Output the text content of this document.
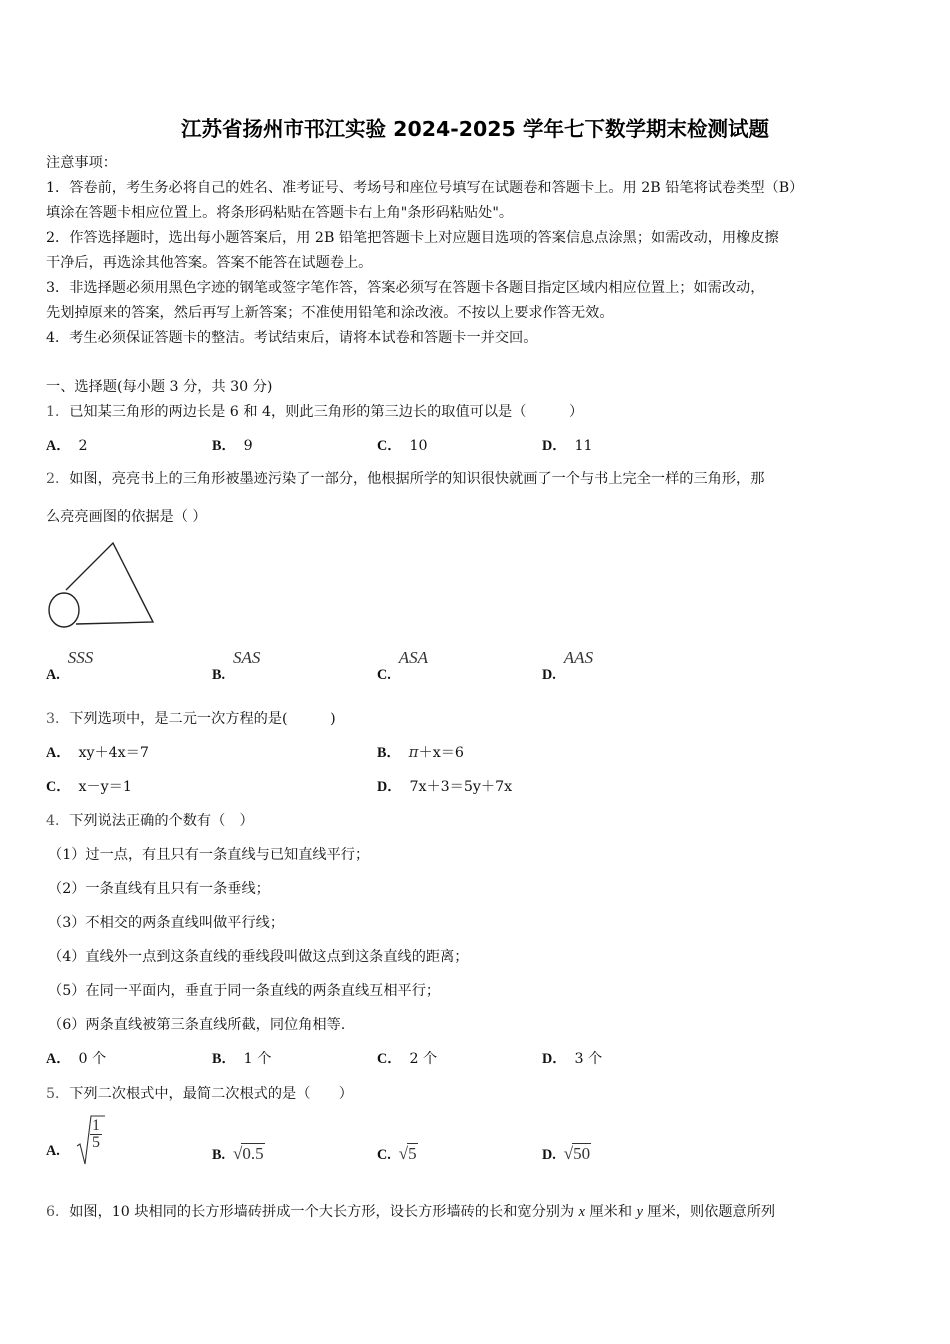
江苏省扬州市邗江实验 2024-2025 学年七下数学期末检测试题
注意事项：
1．答卷前，考生务必将自己的姓名、准考证号、考场号和座位号填写在试题卷和答题卡上。用 2B 铅笔将试卷类型（B）
填涂在答题卡相应位置上。将条形码粘贴在答题卡右上角"条形码粘贴处"。
2．作答选择题时，选出每小题答案后，用 2B 铅笔把答题卡上对应题目选项的答案信息点涂黑；如需改动，用橡皮擦
干净后，再选涂其他答案。答案不能答在试题卷上。
3．非选择题必须用黑色字迹的钢笔或签字笔作答，答案必须写在答题卡各题目指定区域内相应位置上；如需改动，
先划掉原来的答案，然后再写上新答案；不准使用铅笔和涂改液。不按以上要求作答无效。
4．考生必须保证答题卡的整洁。考试结束后，请将本试卷和答题卡一并交回。
一、选择题(每小题 3 分，共 30 分)
1．已知某三角形的两边长是 6 和 4，则此三角形的第三边长的取值可以是（　　　）
A． 2	B． 9	C． 10	D． 11
2．如图，亮亮书上的三角形被墨迹污染了一部分，他根据所学的知识很快就画了一个与书上完全一样的三角形，那
么亮亮画图的依据是（ ）
A.SSS
B.SAS
C.ASA
D.AAS
3．下列选项中，是二元一次方程的是(　　　)
A． xy＋4x＝7	B． π＋x＝6
C． x－y＝1	D． 7x＋3＝5y＋7x
4．下列说法正确的个数有（　）
（1）过一点，有且只有一条直线与已知直线平行；
（2）一条直线有且只有一条垂线；
（3）不相交的两条直线叫做平行线；
（4）直线外一点到这条直线的垂线段叫做这点到这条直线的距离；
（5）在同一平面内，垂直于同一条直线的两条直线互相平行；
（6）两条直线被第三条直线所截，同位角相等.
A． 0 个	B． 1 个	C． 2 个	D． 3 个
5．下列二次根式中，最简二次根式的是（　　）
A.	$\frac{1}{5}$
B. √0.5	C. √5	D. √50
6．如图，10 块相同的长方形墙砖拼成一个大长方形，设长方形墙砖的长和宽分别为 x 厘米和 y 厘米，则依题意所列
